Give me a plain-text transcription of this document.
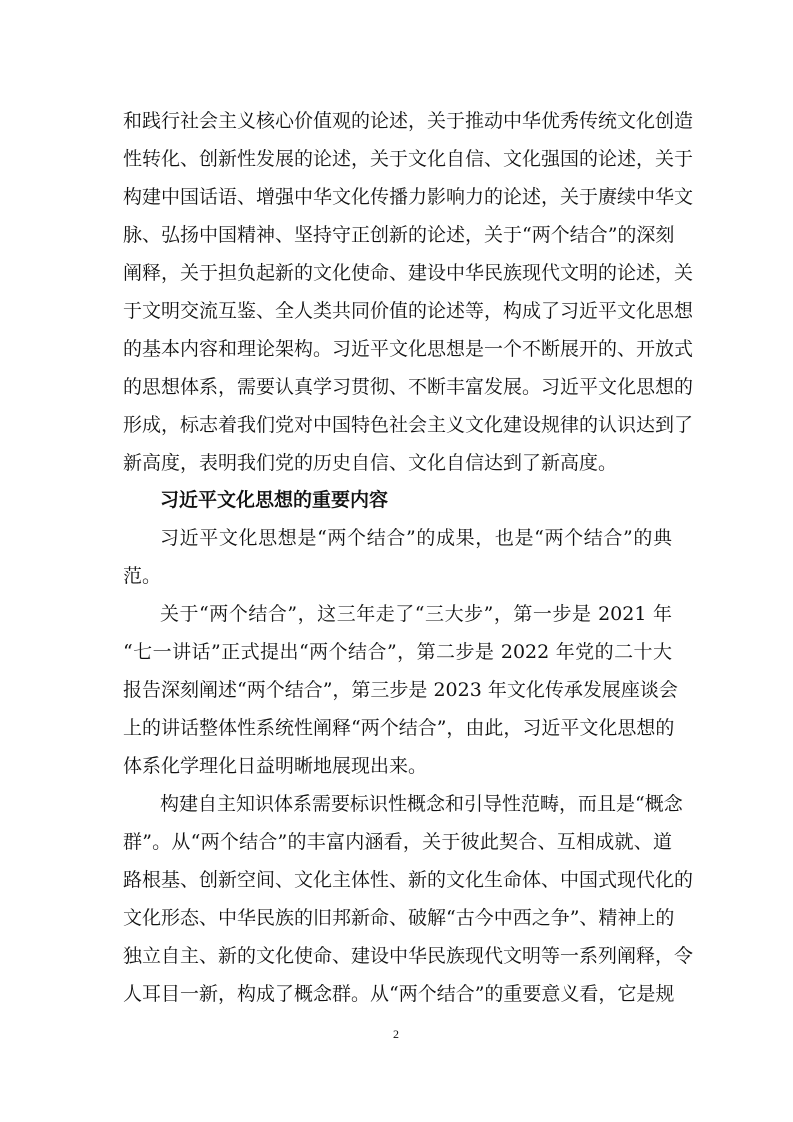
和践行社会主义核心价值观的论述，关于推动中华优秀传统文化创造
性转化、创新性发展的论述，关于文化自信、文化强国的论述，关于
构建中国话语、增强中华文化传播力影响力的论述，关于赓续中华文
脉、弘扬中国精神、坚持守正创新的论述，关于“两个结合”的深刻
阐释，关于担负起新的文化使命、建设中华民族现代文明的论述，关
于文明交流互鉴、全人类共同价值的论述等，构成了习近平文化思想
的基本内容和理论架构。习近平文化思想是一个不断展开的、开放式
的思想体系，需要认真学习贯彻、不断丰富发展。习近平文化思想的
形成，标志着我们党对中国特色社会主义文化建设规律的认识达到了
新高度，表明我们党的历史自信、文化自信达到了新高度。
习近平文化思想的重要内容
习近平文化思想是“两个结合”的成果，也是“两个结合”的典
范。
关于“两个结合”，这三年走了“三大步”，第一步是 2021 年
“七一讲话”正式提出“两个结合”，第二步是 2022 年党的二十大
报告深刻阐述“两个结合”，第三步是 2023 年文化传承发展座谈会
上的讲话整体性系统性阐释“两个结合”，由此，习近平文化思想的
体系化学理化日益明晰地展现出来。
构建自主知识体系需要标识性概念和引导性范畴，而且是“概念
群”。从“两个结合”的丰富内涵看，关于彼此契合、互相成就、道
路根基、创新空间、文化主体性、新的文化生命体、中国式现代化的
文化形态、中华民族的旧邦新命、破解“古今中西之争”、精神上的
独立自主、新的文化使命、建设中华民族现代文明等一系列阐释，令
人耳目一新，构成了概念群。从“两个结合”的重要意义看，它是规
2
